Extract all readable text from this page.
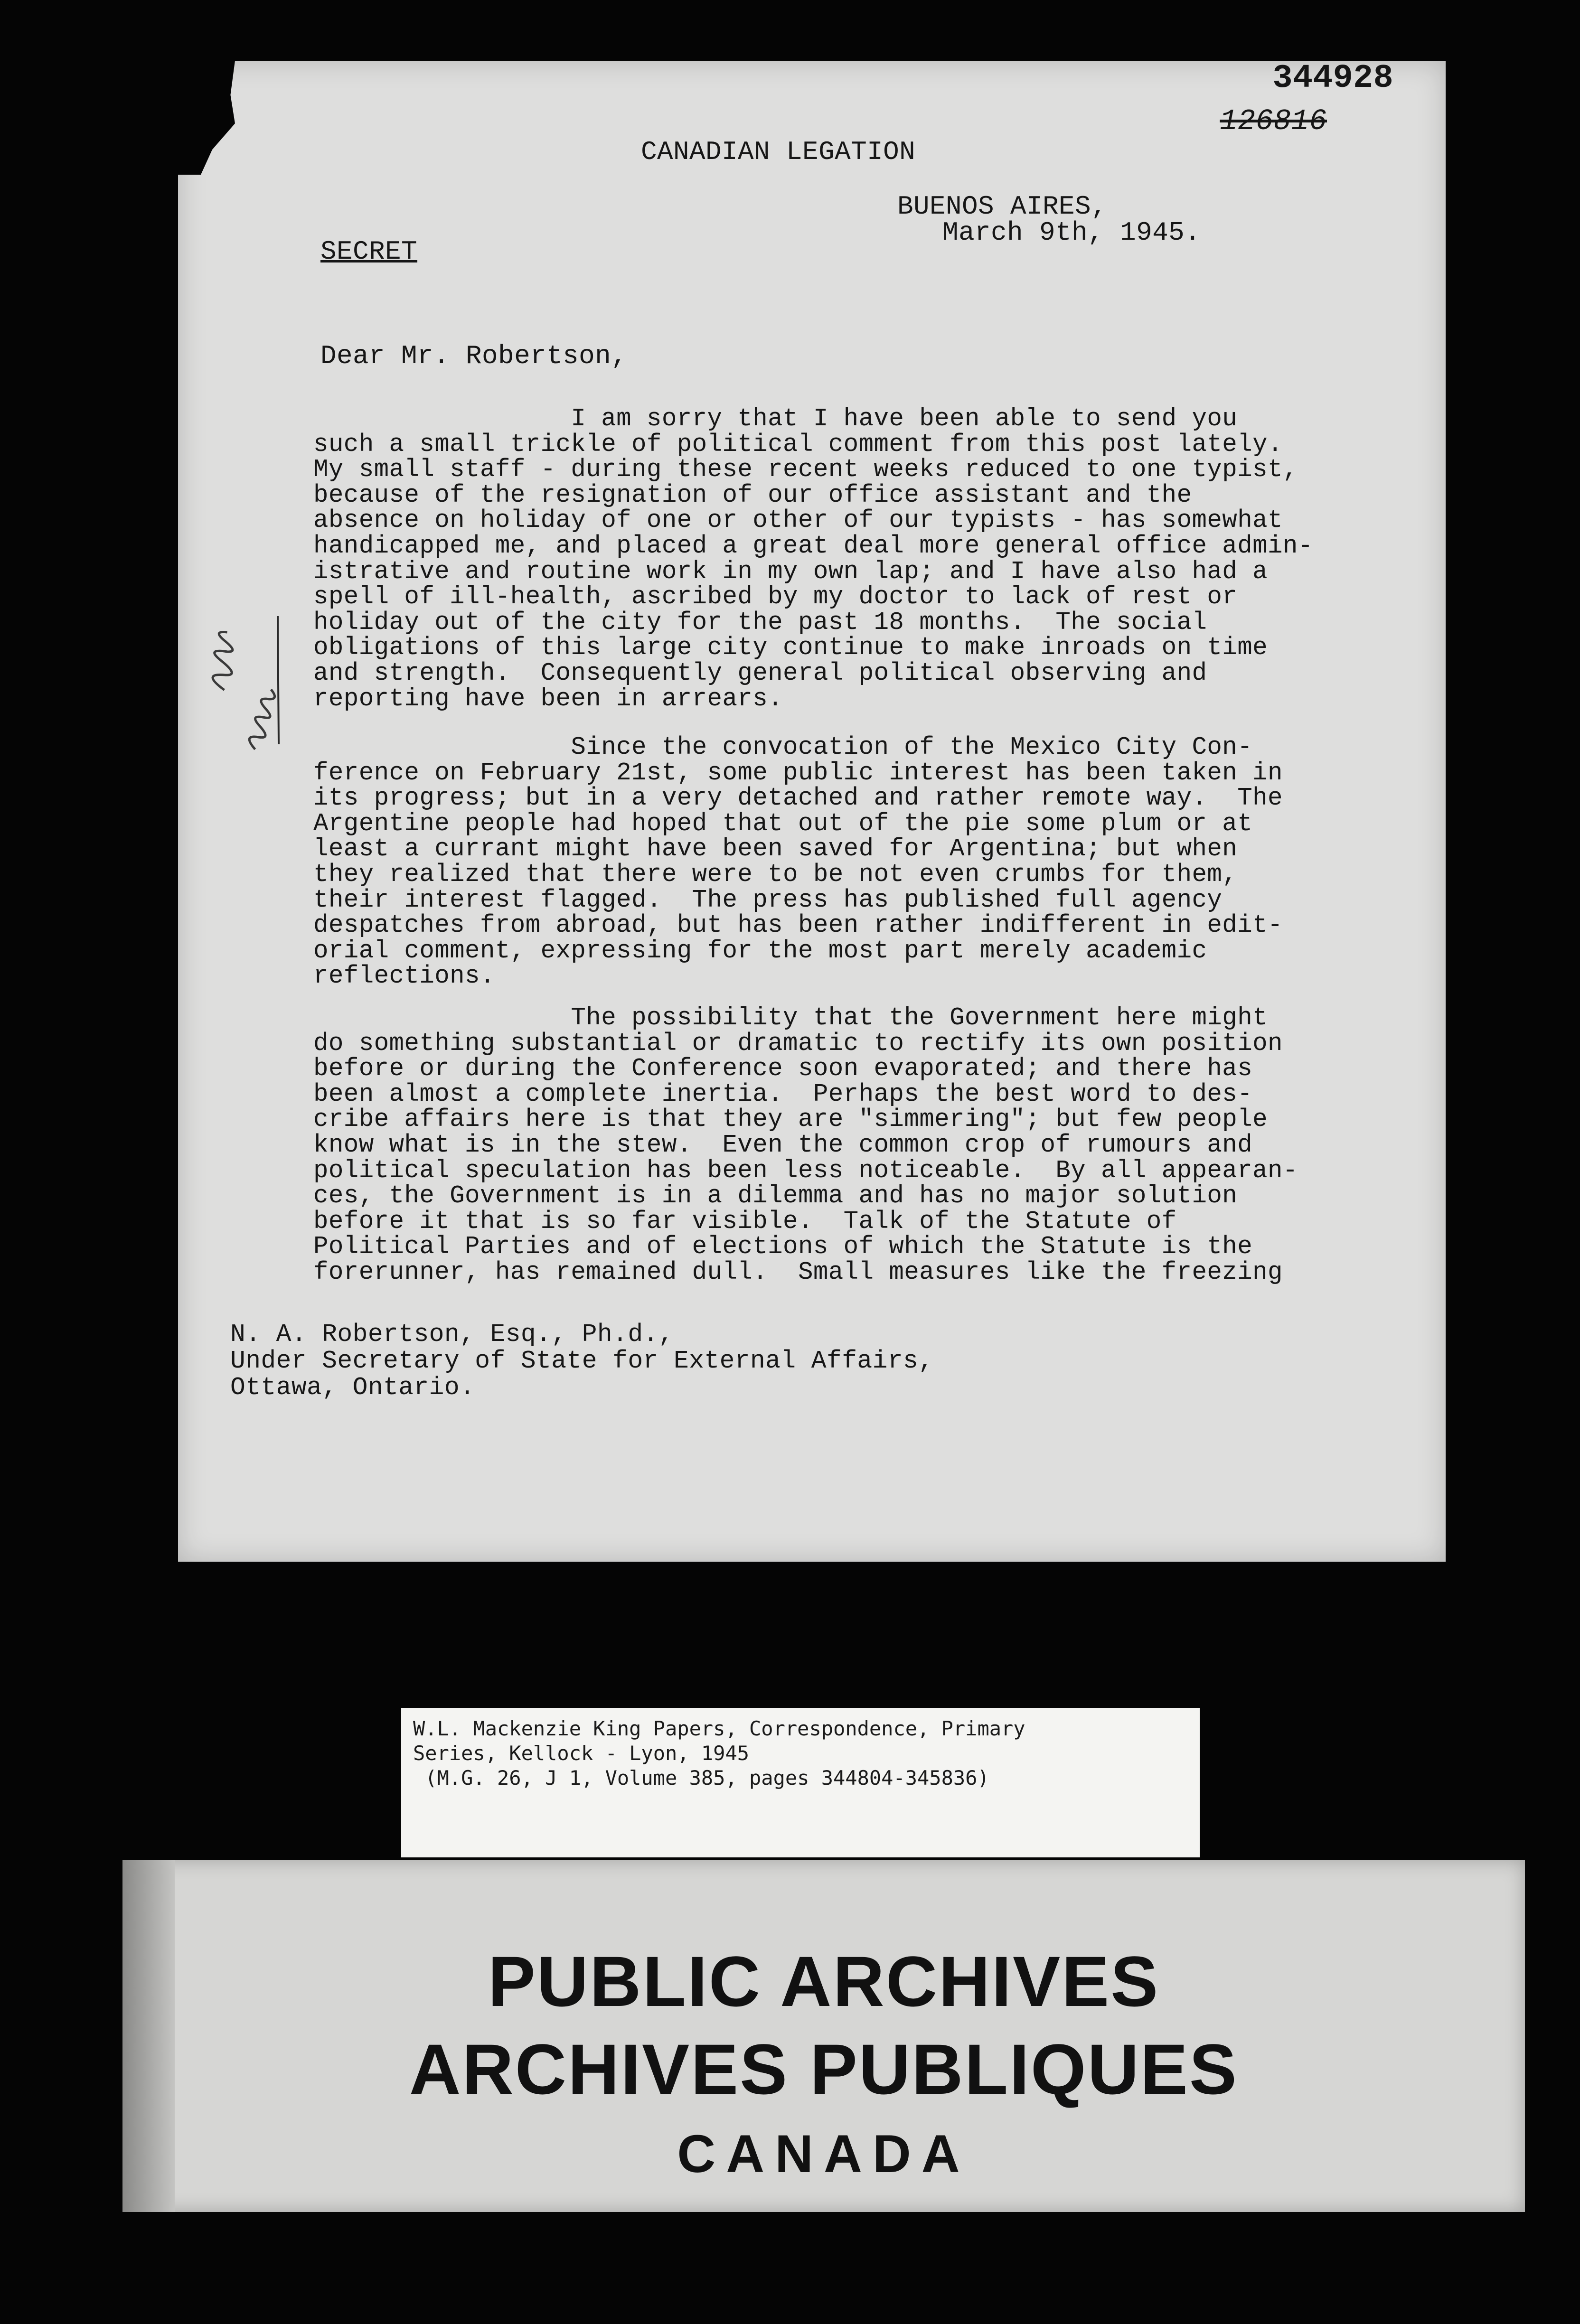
344928
126816
CANADIAN LEGATION
BUENOS AIRES,
March 9th, 1945.
SECRET
Dear Mr. Robertson,
I am sorry that I have been able to send you
such a small trickle of political comment from this post lately.
My small staff - during these recent weeks reduced to one typist,
because of the resignation of our office assistant and the
absence on holiday of one or other of our typists - has somewhat
handicapped me, and placed a great deal more general office admin-
istrative and routine work in my own lap; and I have also had a
spell of ill-health, ascribed by my doctor to lack of rest or
holiday out of the city for the past 18 months.  The social
obligations of this large city continue to make inroads on time
and strength.  Consequently general political observing and
reporting have been in arrears.
Since the convocation of the Mexico City Con-
ference on February 21st, some public interest has been taken in
its progress; but in a very detached and rather remote way.  The
Argentine people had hoped that out of the pie some plum or at
least a currant might have been saved for Argentina; but when
they realized that there were to be not even crumbs for them,
their interest flagged.  The press has published full agency
despatches from abroad, but has been rather indifferent in edit-
orial comment, expressing for the most part merely academic
reflections.
The possibility that the Government here might
do something substantial or dramatic to rectify its own position
before or during the Conference soon evaporated; and there has
been almost a complete inertia.  Perhaps the best word to des-
cribe affairs here is that they are "simmering"; but few people
know what is in the stew.  Even the common crop of rumours and
political speculation has been less noticeable.  By all appearan-
ces, the Government is in a dilemma and has no major solution
before it that is so far visible.  Talk of the Statute of
Political Parties and of elections of which the Statute is the
forerunner, has remained dull.  Small measures like the freezing
N. A. Robertson, Esq., Ph.d.,
Under Secretary of State for External Affairs,
Ottawa, Ontario.
W.L. Mackenzie King Papers, Correspondence, Primary
Series, Kellock - Lyon, 1945
(M.G. 26, J 1, Volume 385, pages 344804-345836)
PUBLIC ARCHIVES
ARCHIVES PUBLIQUES
CANADA
